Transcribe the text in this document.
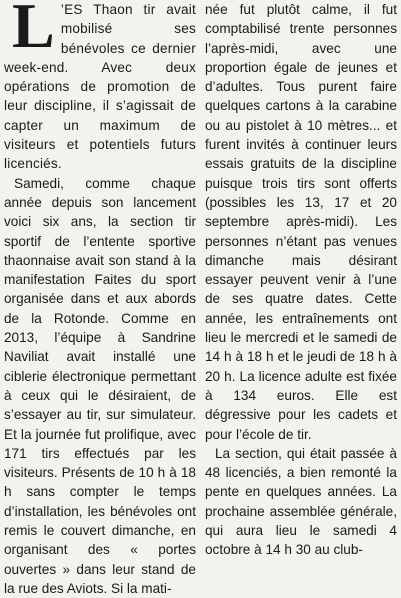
L ’ES Thaon tir avait mobilisé ses bénévoles ce dernier week-end. Avec deux opérations de promotion de leur discipline, il s’agissait de capter un maximum de visiteurs et potentiels futurs licenciés.

Samedi, comme chaque année depuis son lancement voici six ans, la section tir sportif de l’entente sportive thaonnaise avait son stand à la manifestation Faites du sport organisée dans et aux abords de la Rotonde. Comme en 2013, l’équipe à Sandrine Naviliat avait installé une ciblerie électronique permettant à ceux qui le désiraient, de s’essayer au tir, sur simulateur. Et la journée fut prolifique, avec 171 tirs effectués par les visiteurs. Présents de 10 h à 18 h sans compter le temps d’installation, les bénévoles ont remis le couvert dimanche, en organisant des « portes ouvertes » dans leur stand de la rue des Aviots. Si la mati-

née fut plutôt calme, il fut comptabilisé trente personnes l’après-midi, avec une proportion égale de jeunes et d’adultes. Tous purent faire quelques cartons à la carabine ou au pistolet à 10 mètres... et furent invités à continuer leurs essais gratuits de la discipline puisque trois tirs sont offerts (possibles les 13, 17 et 20 septembre après-midi). Les personnes n’étant pas venues dimanche mais désirant essayer peuvent venir à l’une de ses quatre dates. Cette année, les entraînements ont lieu le mercredi et le samedi de 14 h à 18 h et le jeudi de 18 h à 20 h. La licence adulte est fixée à 134 euros. Elle est dégressive pour les cadets et pour l’école de tir.

La section, qui était passée à 48 licenciés, a bien remonté la pente en quelques années. La prochaine assemblée générale, qui aura lieu le samedi 4 octobre à 14 h 30 au club-
